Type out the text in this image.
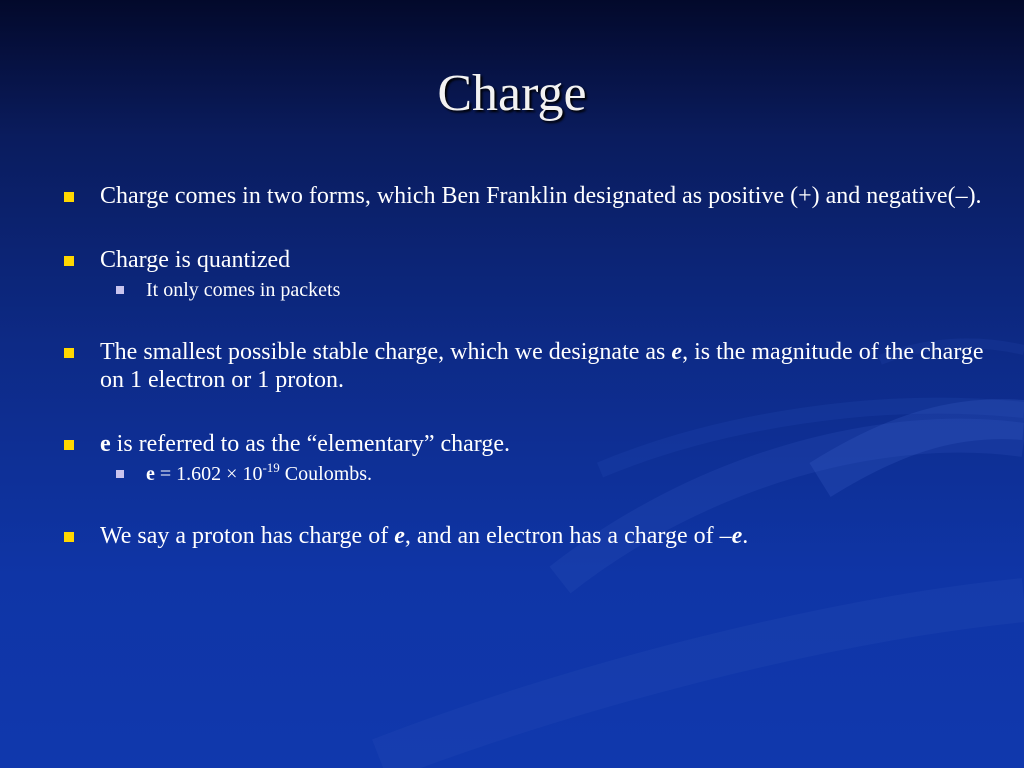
Charge
Charge comes in two forms, which Ben Franklin designated as positive (+) and negative(–).
Charge is quantized
It only comes in packets
The smallest possible stable charge, which we designate as e, is the magnitude of the charge on 1 electron or 1 proton.
e is referred to as the “elementary” charge.
$e = 1.602 \times 10^{-19}$ Coulombs.
We say a proton has charge of e, and an electron has a charge of –e.
